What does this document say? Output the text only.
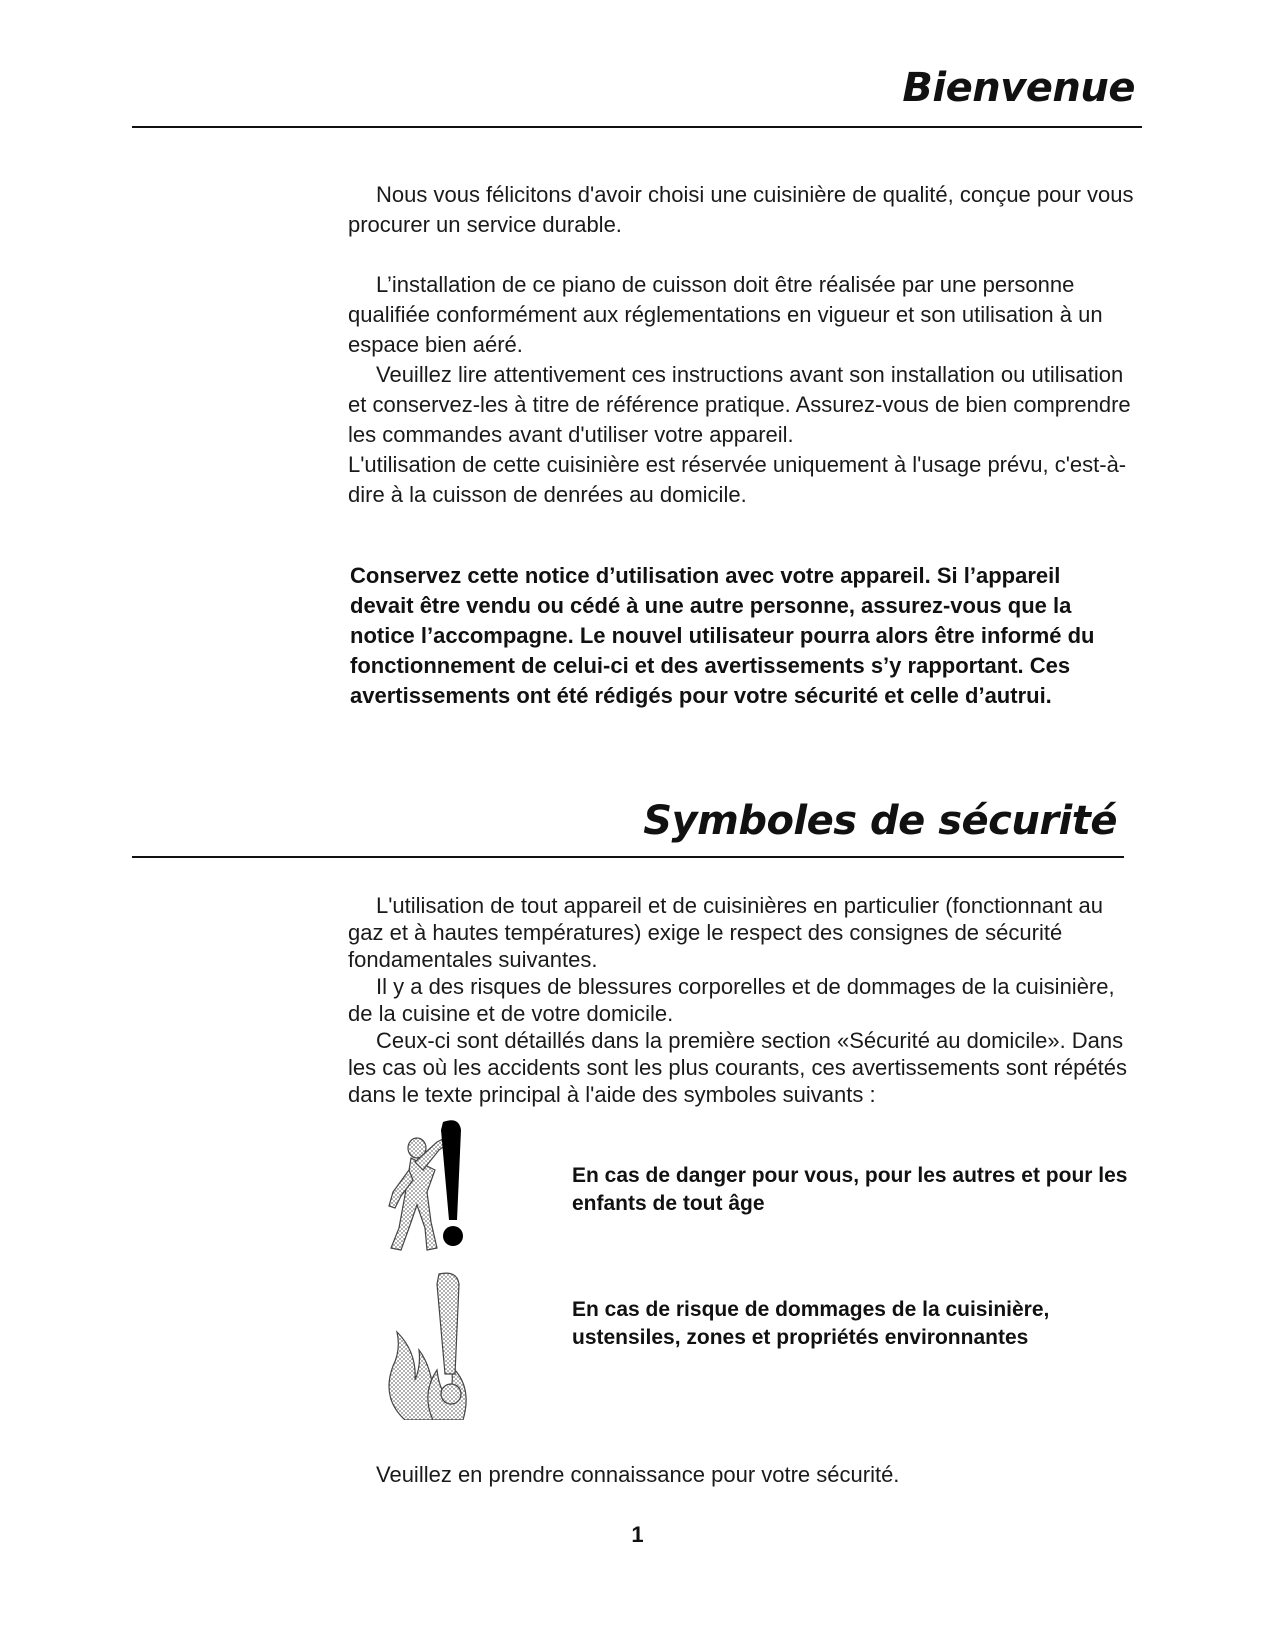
Bienvenue

Nous vous félicitons d'avoir choisi une cuisinière de qualité, conçue pour vous procurer un service durable.

L’installation de ce piano de cuisson doit être réalisée par une personne qualifiée conformément aux réglementations en vigueur et son utilisation à un espace bien aéré.

Veuillez lire attentivement ces instructions avant son installation ou utilisation et conservez-les à titre de référence pratique. Assurez-vous de bien comprendre les commandes avant d'utiliser votre appareil.

L'utilisation de cette cuisinière est réservée uniquement à l'usage prévu, c'est-à-dire à la cuisson de denrées au domicile.

Conservez cette notice d’utilisation avec votre appareil. Si l’appareil devait être vendu ou cédé à une autre personne, assurez-vous que la notice l’accompagne. Le nouvel utilisateur pourra alors être informé du fonctionnement de celui-ci et des avertissements s’y rapportant. Ces avertissements ont été rédigés pour votre sécurité et celle d’autrui.

Symboles de sécurité

L'utilisation de tout appareil et de cuisinières en particulier (fonctionnant au gaz et à hautes températures) exige le respect des consignes de sécurité fondamentales suivantes.

Il y a des risques de blessures corporelles et de dommages de la cuisinière, de la cuisine et de votre domicile.

Ceux-ci sont détaillés dans la première section «Sécurité au domicile». Dans les cas où les accidents sont les plus courants, ces avertissements sont répétés dans le texte principal à l'aide des symboles suivants :

En cas de danger pour vous, pour les autres et pour les enfants de tout âge

En cas de risque de dommages de la cuisinière, ustensiles, zones et propriétés environnantes

Veuillez en prendre connaissance pour votre sécurité.

1
